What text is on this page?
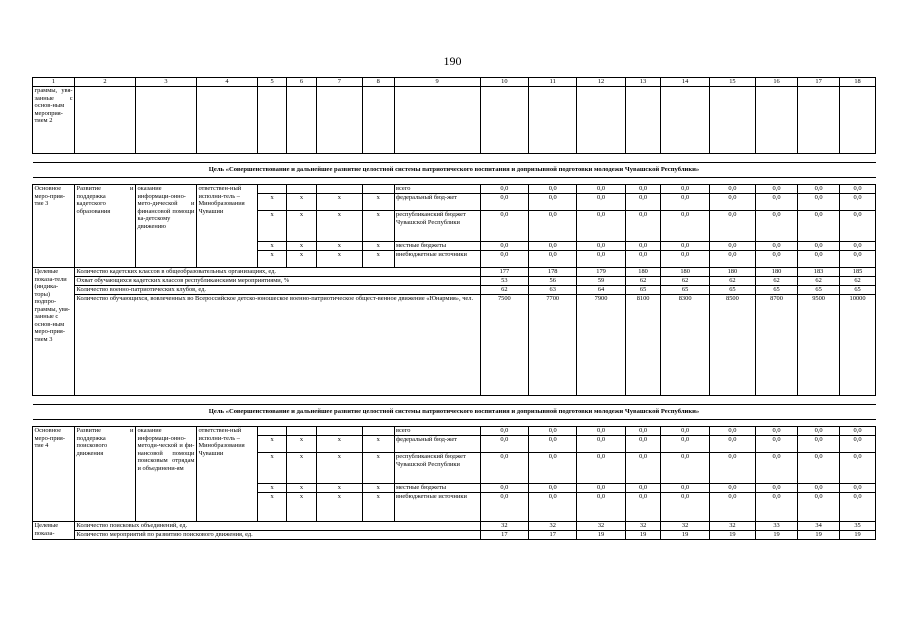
190
1	2	3	4	5	6	7	8	9	10	11	12	13	14	15	16	17	18
граммы, увя-занные с основ-ным мероприя-тием 2																	

Цель «Совершенствование и дальнейшее развитие целостной системы патриотического воспитания и допризывной подготовки молодежи Чувашской Республики»																	

Основное меро-прия-тие 3	Развитие и поддержка кадетского образования	оказание информаци-онно-мето-дической и финансовой помощи ка-детскому движению	ответствен-ный исполни-тель – Минобразования Чувашии					всего	0,0	0,0	0,0	0,0	0,0	0,0	0,0	0,0	0,0
				x	x	x	x	федеральный бюд-жет	0,0	0,0	0,0	0,0	0,0	0,0	0,0	0,0	0,0
				x	x	x	x	республиканский бюджет Чувашской Республики	0,0	0,0	0,0	0,0	0,0	0,0	0,0	0,0	0,0
				x	x	x	x	местные бюджеты	0,0	0,0	0,0	0,0	0,0	0,0	0,0	0,0	0,0
				x	x	x	x	внебюджетные источники	0,0	0,0	0,0	0,0	0,0	0,0	0,0	0,0	0,0
Целевые показа-тели (индика-торы) подпро-граммы, увя-занные с основ-ным меро-прия-тием 3	Количество кадетских классов в общеобразовательных организациях, ед.								177	178	179	180	180	180	180	183	185
	Охват обучающихся кадетских классов республиканскими мероприятиями, %								53	56	59	62	62	62	62	62	62
	Количество военно-патриотических клубов, ед.								62	63	64	65	65	65	65	65	65
	Количество обучающихся, вовлеченных во Всероссийское детско-юношеское военно-патриотическое общест-венное движение «Юнармия», чел.								7500	7700	7900	8100	8300	8500	8700	9500	10000

Цель «Совершенствование и дальнейшее развитие целостной системы патриотического воспитания и допризывной подготовки молодежи Чувашской Республики»																	

Основное меро-прия-тие 4	Развитие и поддержка поискового движения	оказание информаци-онно-методи-ческой и фи-нансовой помощи поисковым отрядам и объединени-ям	ответствен-ный исполни-тель – Минобразования Чувашии					всего	0,0	0,0	0,0	0,0	0,0	0,0	0,0	0,0	0,0
				x	x	x	x	федеральный бюд-жет	0,0	0,0	0,0	0,0	0,0	0,0	0,0	0,0	0,0
				x	x	x	x	республиканский бюджет Чувашской Республики	0,0	0,0	0,0	0,0	0,0	0,0	0,0	0,0	0,0
				x	x	x	x	местные бюджеты	0,0	0,0	0,0	0,0	0,0	0,0	0,0	0,0	0,0
				x	x	x	x	внебюджетные источники	0,0	0,0	0,0	0,0	0,0	0,0	0,0	0,0	0,0
Целевые показа-	Количество поисковых объединений, ед.								32	32	32	32	32	32	33	34	35
	Количество мероприятий по развитию поискового движения, ед.								17	17	19	19	19	19	19	19	19
